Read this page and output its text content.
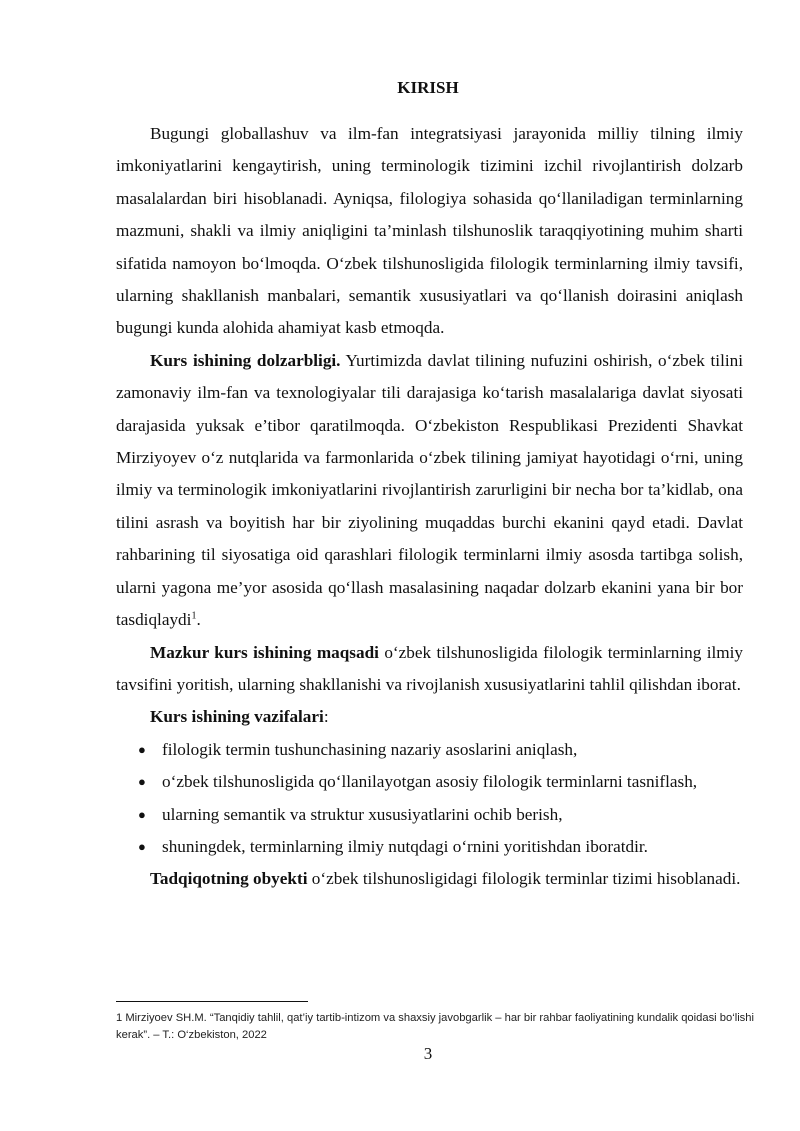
KIRISH

Bugungi globallashuv va ilm-fan integratsiyasi jarayonida milliy tilning ilmiy imkoniyatlarini kengaytirish, uning terminologik tizimini izchil rivojlantirish dolzarb masalalardan biri hisoblanadi. Ayniqsa, filologiya sohasida qo‘llaniladigan terminlarning mazmuni, shakli va ilmiy aniqligini ta’minlash tilshunoslik taraqqiyotining muhim sharti sifatida namoyon bo‘lmoqda. O‘zbek tilshunosligida filologik terminlarning ilmiy tavsifi, ularning shakllanish manbalari, semantik xususiyatlari va qo‘llanish doirasini aniqlash bugungi kunda alohida ahamiyat kasb etmoqda.

Kurs ishining dolzarbligi. Yurtimizda davlat tilining nufuzini oshirish, o‘zbek tilini zamonaviy ilm-fan va texnologiyalar tili darajasiga ko‘tarish masalalariga davlat siyosati darajasida yuksak e’tibor qaratilmoqda. O‘zbekiston Respublikasi Prezidenti Shavkat Mirziyoyev o‘z nutqlarida va farmonlarida o‘zbek tilining jamiyat hayotidagi o‘rni, uning ilmiy va terminologik imkoniyatlarini rivojlantirish zarurligini bir necha bor ta’kidlab, ona tilini asrash va boyitish har bir ziyolining muqaddas burchi ekanini qayd etadi. Davlat rahbarining til siyosatiga oid qarashlari filologik terminlarni ilmiy asosda tartibga solish, ularni yagona me’yor asosida qo‘llash masalasining naqadar dolzarb ekanini yana bir bor tasdiqlaydi$^1$.

Mazkur kurs ishining maqsadi o‘zbek tilshunosligida filologik terminlarning ilmiy tavsifini yoritish, ularning shakllanishi va rivojlanish xususiyatlarini tahlil qilishdan iborat.

Kurs ishining vazifalari:

● filologik termin tushunchasining nazariy asoslarini aniqlash,
● o‘zbek tilshunosligida qo‘llanilayotgan asosiy filologik terminlarni tasniflash,
● ularning semantik va struktur xususiyatlarini ochib berish,
● shuningdek, terminlarning ilmiy nutqdagi o‘rnini yoritishdan iboratdir.

Tadqiqotning obyekti o‘zbek tilshunosligidagi filologik terminlar tizimi hisoblanadi.

1 Mirziyoev SH.M. “Tanqidiy tahlil, qat’iy tartib-intizom va shaxsiy javobgarlik – har bir rahbar faoliyatining kundalik qoidasi bo‘lishi kerak”. – T.: O‘zbekiston, 2022
3
